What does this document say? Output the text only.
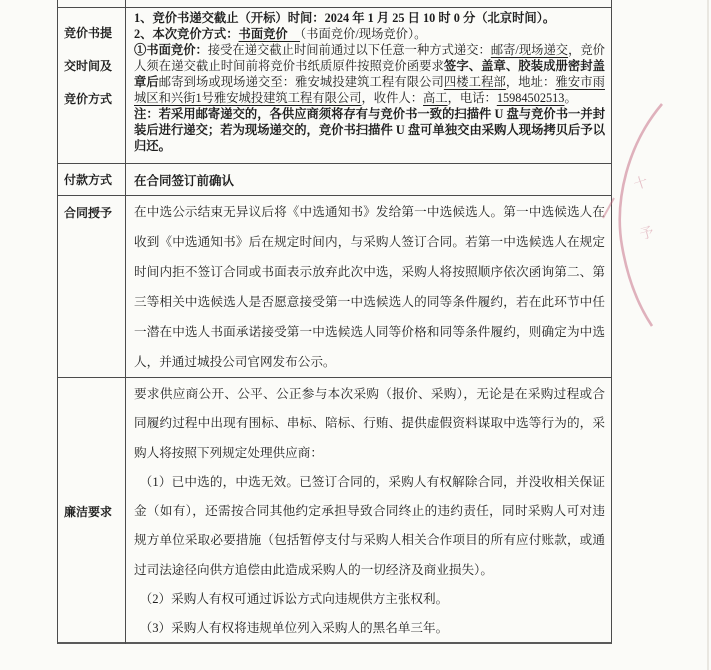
竞价书提交时间及竞价方式

1、竞价书递交截止（开标）时间：2024 年 1 月 25 日 10 时 0 分（北京时间）。

2、本次竞价方式：书面竞价　（书面竞价/现场竞价）。

①书面竞价：接受在递交截止时间前通过以下任意一种方式递交：邮寄/现场递交，竞价人须在递交截止时间前将竞价书纸质原件按照竞价函要求签字、盖章、胶装成册密封盖章后邮寄到场或现场递交至：雅安城投建筑工程有限公司四楼工程部，地址：雅安市雨城区和兴街1号雅安城投建筑工程有限公司，收件人：高工，电话：15984502513。

注：若采用邮寄递交的，各供应商须将存有与竞价书一致的扫描件 U 盘与竞价书一并封装后进行递交；若为现场递交的，竞价书扫描件 U 盘可单独交由采购人现场拷贝后予以归还。

付款方式	在合同签订前确认

合同授予	在中选公示结束无异议后将《中选通知书》发给第一中选候选人。第一中选候选人在收到《中选通知书》后在规定时间内，与采购人签订合同。若第一中选候选人在规定时间内拒不签订合同或书面表示放弃此次中选，采购人将按照顺序依次函询第二、第三等相关中选候选人是否愿意接受第一中选候选人的同等条件履约，若在此环节中任一潜在中选人书面承诺接受第一中选候选人同等价格和同等条件履约，则确定为中选人，并通过城投公司官网发布公示。

廉洁要求

要求供应商公开、公平、公正参与本次采购（报价、采购），无论是在采购过程或合同履约过程中出现有围标、串标、陪标、行贿、提供虚假资料谋取中选等行为的，采购人将按照下列规定处理供应商：

（1）已中选的，中选无效。已签订合同的，采购人有权解除合同，并没收相关保证金（如有），还需按合同其他约定承担导致合同终止的违约责任，同时采购人可对违规方单位采取必要措施（包括暂停支付与采购人相关合作项目的所有应付账款，或通过司法途径向供方追偿由此造成采购人的一切经济及商业损失）。

（2）采购人有权可通过诉讼方式向违规供方主张权利。

（3）采购人有权将违规单位列入采购人的黑名单三年。

十
予
